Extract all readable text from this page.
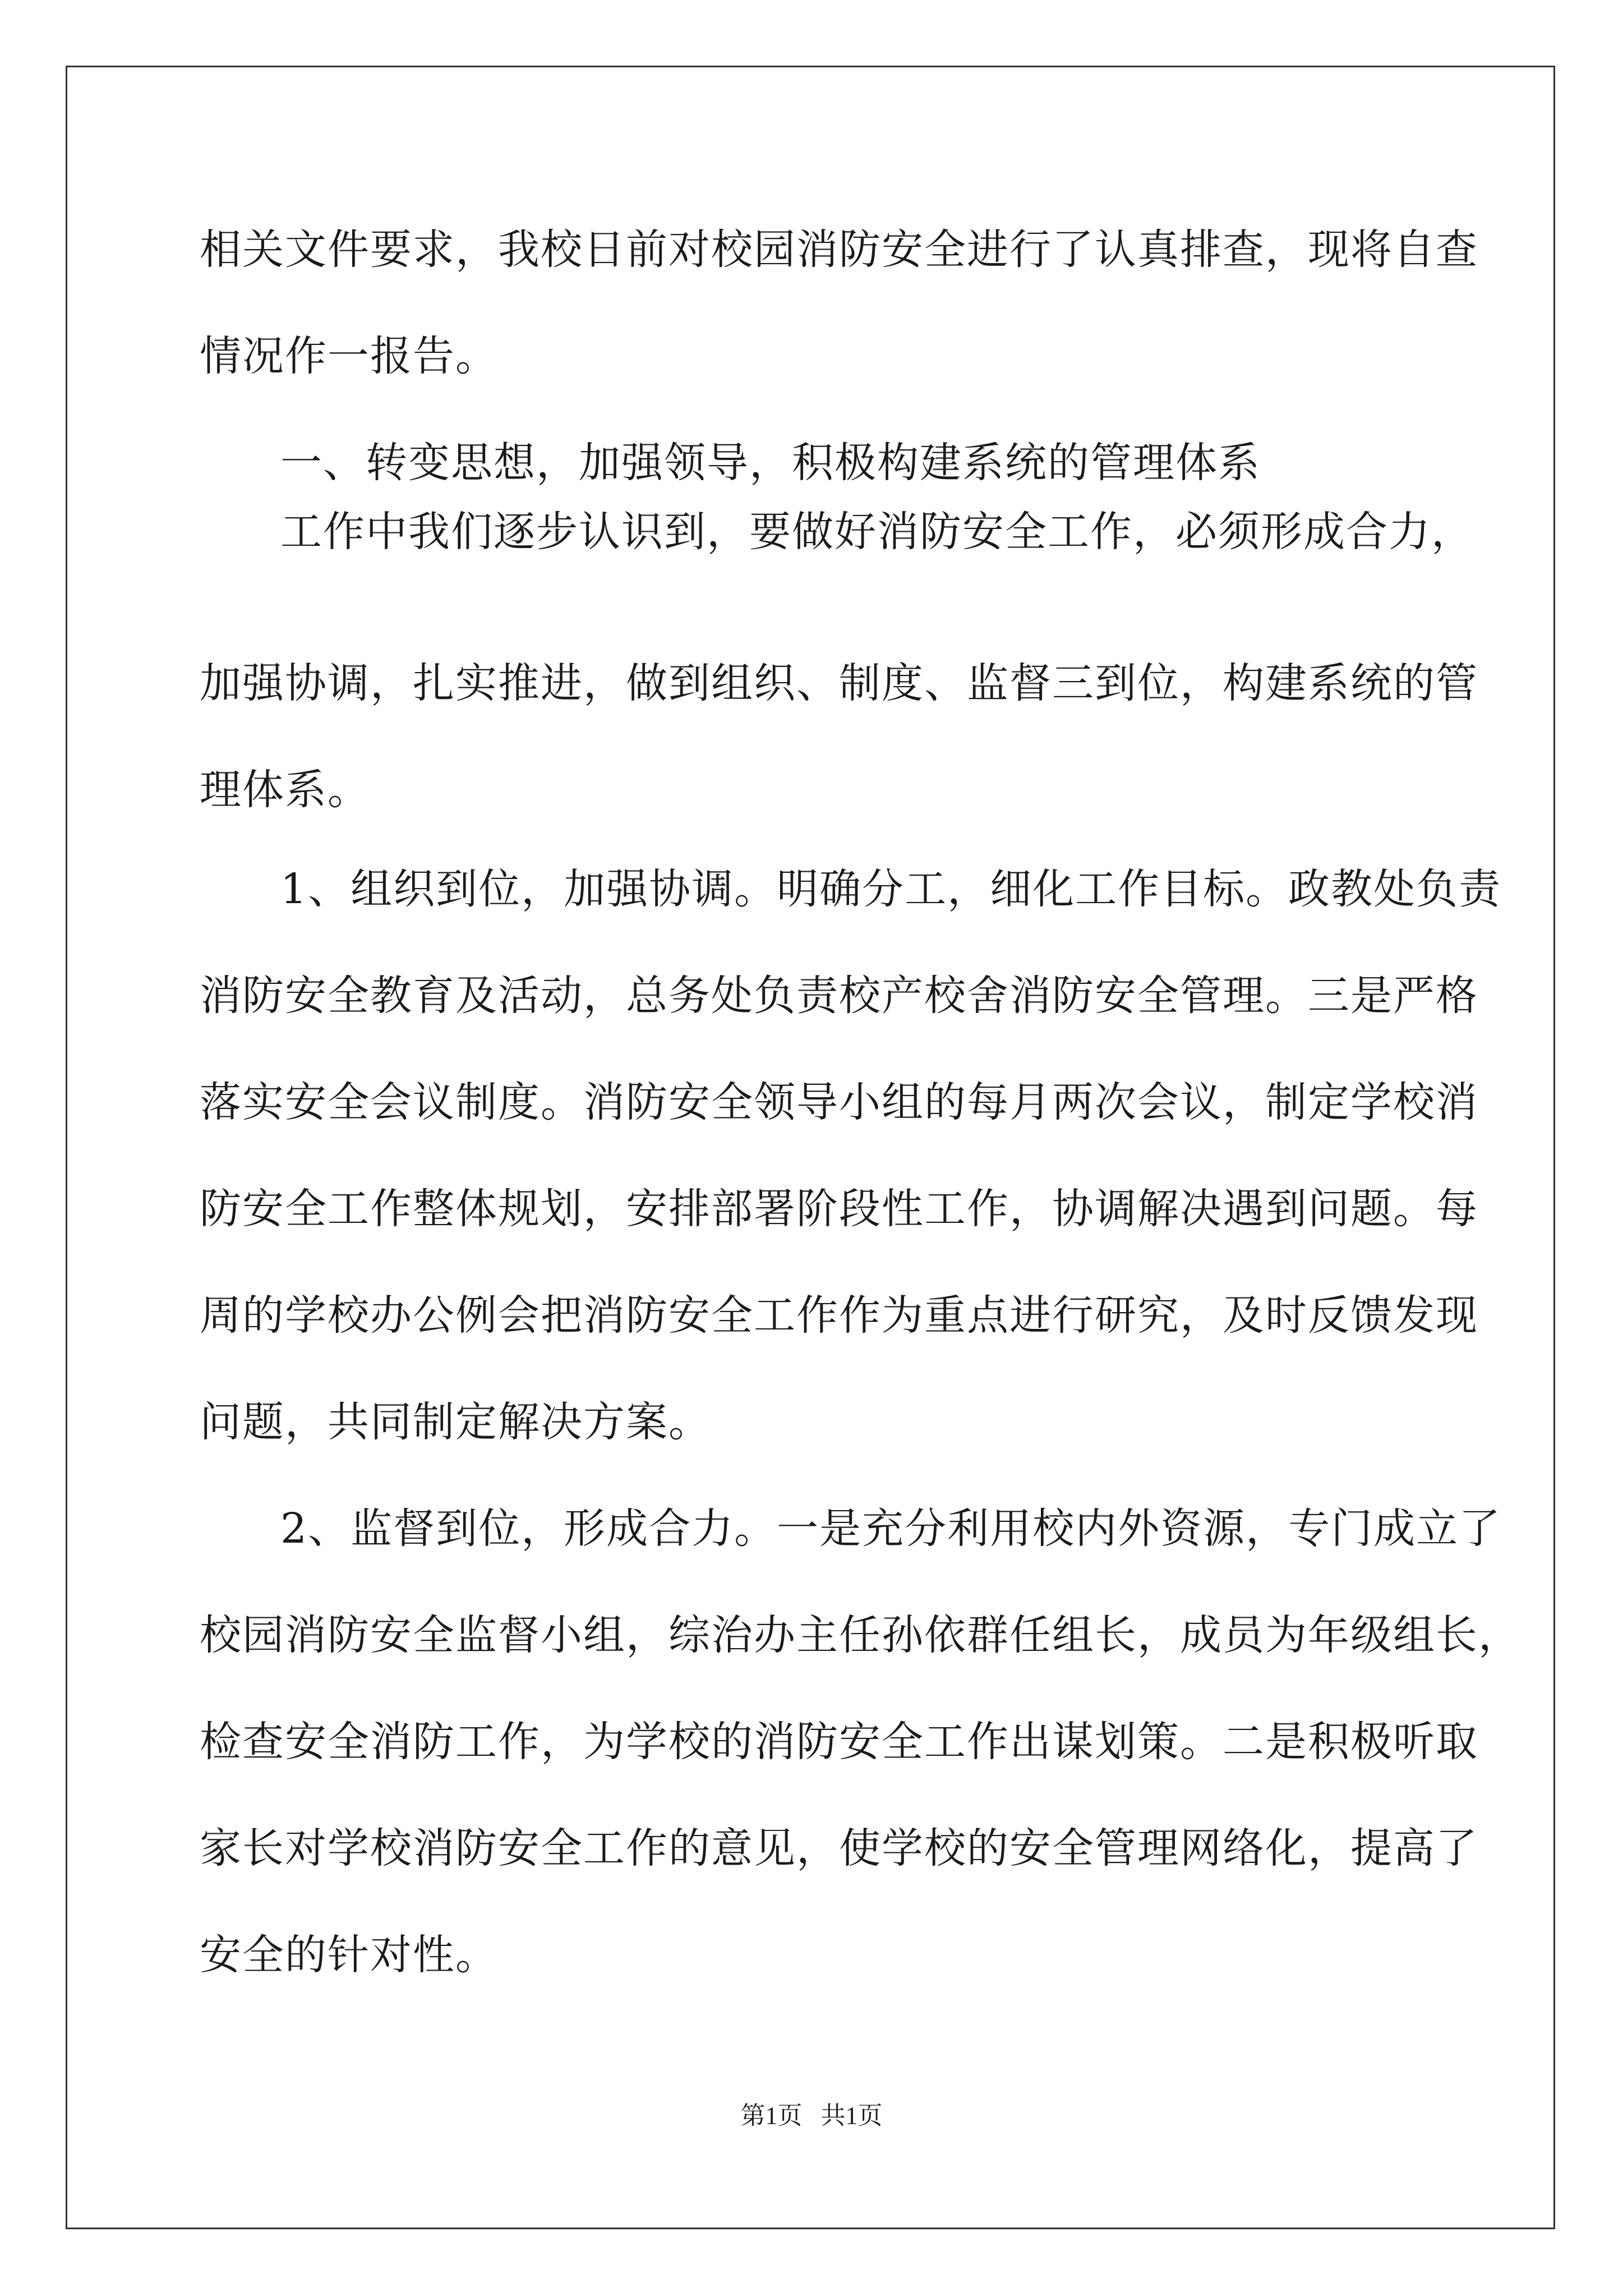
相关文件要求，我校日前对校园消防安全进行了认真排查，现将自查
情况作一报告。
一、转变思想，加强领导，积极构建系统的管理体系
工作中我们逐步认识到，要做好消防安全工作，必须形成合力，
加强协调，扎实推进，做到组织、制度、监督三到位，构建系统的管
理体系。
1、组织到位，加强协调。明确分工，细化工作目标。政教处负责
消防安全教育及活动，总务处负责校产校舍消防安全管理。三是严格
落实安全会议制度。消防安全领导小组的每月两次会议，制定学校消
防安全工作整体规划，安排部署阶段性工作，协调解决遇到问题。每
周的学校办公例会把消防安全工作作为重点进行研究，及时反馈发现
问题，共同制定解决方案。
2、监督到位，形成合力。一是充分利用校内外资源，专门成立了
校园消防安全监督小组，综治办主任孙依群任组长，成员为年级组长，
检查安全消防工作，为学校的消防安全工作出谋划策。二是积极听取
家长对学校消防安全工作的意见，使学校的安全管理网络化，提高了
安全的针对性。
第1页   共1页
